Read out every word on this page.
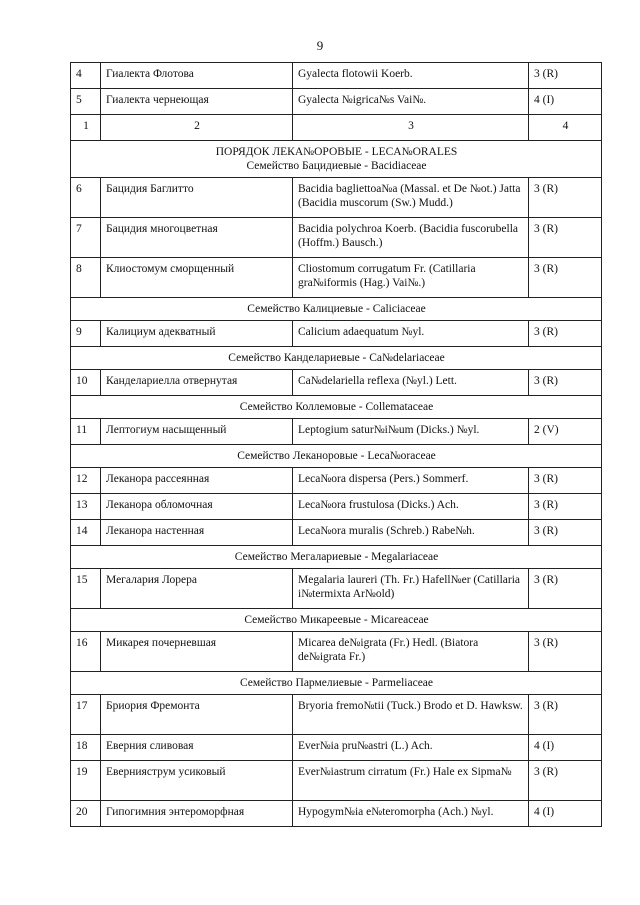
9
4	Гиалекта Флотова	Gyalecta flotowii Koerb.	3 (R)
5	Гиалекта чернеющая	Gyalecta №igrica№s Vai№.	4 (I)
1	2	3	4

ПОРЯДОК ЛЕКА№ОРОВЫЕ - LECA№ORALES
Семейство Бацидиевые - Bacidiaceae			

6	Бацидия Баглитто	Bacidia bagliettoa№a (Massal. et De №ot.) Jatta (Bacidia muscorum (Sw.) Mudd.)	3 (R)
7	Бацидия многоцветная	Bacidia polychroa Koerb. (Bacidia fuscorubella (Hoffm.) Bausch.)	3 (R)
8	Клиостомум сморщенный	Cliostomum corrugatum Fr. (Catillaria gra№iformis (Hag.) Vai№.)	3 (R)

Семейство Калициевые - Caliciaceae			

9	Калициум адекватный	Calicium adaequatum №yl.	3 (R)

Семейство Канделариевые - Ca№delariaceae			

10	Канделариелла отвернутая	Ca№delariella reflexa (№yl.) Lett.	3 (R)

Семейство Коллемовые - Collemataceae			

11	Лептогиум насыщенный	Leptogium satur№i№um (Dicks.) №yl.	2 (V)

Семейство Леканоровые - Leca№oraceae			

12	Леканора рассеянная	Leca№ora dispersa (Pers.) Sommerf.	3 (R)
13	Леканора обломочная	Leca№ora frustulosa (Dicks.) Ach.	3 (R)
14	Леканора настенная	Leca№ora muralis (Schreb.) Rabe№h.	3 (R)

Семейство Мегалариевые - Megalariaceae			

15	Мегалария Лорера	Megalaria laureri (Th. Fr.) Hafell№er (Catillaria i№termixta Ar№old)	3 (R)

Семейство Микареевые - Micareaceae			

16	Микарея почерневшая	Micarea de№igrata (Fr.) Hedl. (Biatora de№igrata Fr.)	3 (R)

Семейство Пармелиевые - Parmeliaceae			

17	Бриория Фремонта	Bryoria fremo№tii (Tuck.) Brodo et D. Hawksw.	3 (R)
18	Еверния сливовая	Ever№ia pru№astri (L.) Ach.	4 (I)
19	Евернияструм усиковый	Ever№iastrum cirratum (Fr.) Hale ex Sipma№	3 (R)
20	Гипогимния энтероморфная	Hypogym№ia e№teromorpha (Ach.) №yl.	4 (I)
